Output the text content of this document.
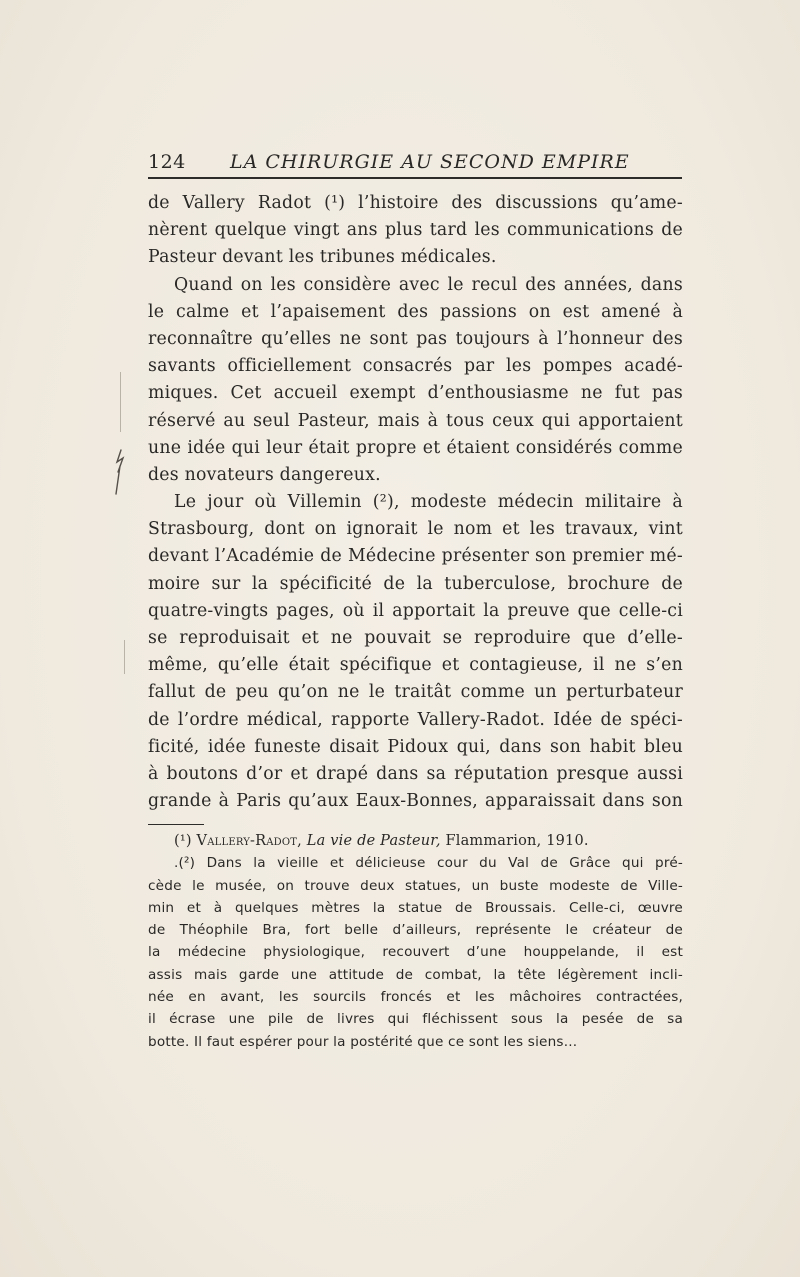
124 LA CHIRURGIE AU SECOND EMPIRE
de Vallery Radot (¹) l’histoire des discussions qu’ame-
nèrent quelque vingt ans plus tard les communications de
Pasteur devant les tribunes médicales.
Quand on les considère avec le recul des années, dans
le calme et l’apaisement des passions on est amené à
reconnaître qu’elles ne sont pas toujours à l’honneur des
savants officiellement consacrés par les pompes acadé-
miques. Cet accueil exempt d’enthousiasme ne fut pas
réservé au seul Pasteur, mais à tous ceux qui apportaient
une idée qui leur était propre et étaient considérés comme
des novateurs dangereux.
Le jour où Villemin (²), modeste médecin militaire à
Strasbourg, dont on ignorait le nom et les travaux, vint
devant l’Académie de Médecine présenter son premier mé-
moire sur la spécificité de la tuberculose, brochure de
quatre-vingts pages, où il apportait la preuve que celle-ci
se reproduisait et ne pouvait se reproduire que d’elle-
même, qu’elle était spécifique et contagieuse, il ne s’en
fallut de peu qu’on ne le traitât comme un perturbateur
de l’ordre médical, rapporte Vallery-Radot. Idée de spéci-
ficité, idée funeste disait Pidoux qui, dans son habit bleu
à boutons d’or et drapé dans sa réputation presque aussi
grande à Paris qu’aux Eaux-Bonnes, apparaissait dans son
(¹) Vallery-Radot, La vie de Pasteur, Flammarion, 1910.
.(²) Dans la vieille et délicieuse cour du Val de Grâce qui pré-
cède le musée, on trouve deux statues, un buste modeste de Ville-
min et à quelques mètres la statue de Broussais. Celle-ci, œuvre
de Théophile Bra, fort belle d’ailleurs, représente le créateur de
la médecine physiologique, recouvert d’une houppelande, il est
assis mais garde une attitude de combat, la tête légèrement incli-
née en avant, les sourcils froncés et les mâchoires contractées,
il écrase une pile de livres qui fléchissent sous la pesée de sa
botte. Il faut espérer pour la postérité que ce sont les siens...
